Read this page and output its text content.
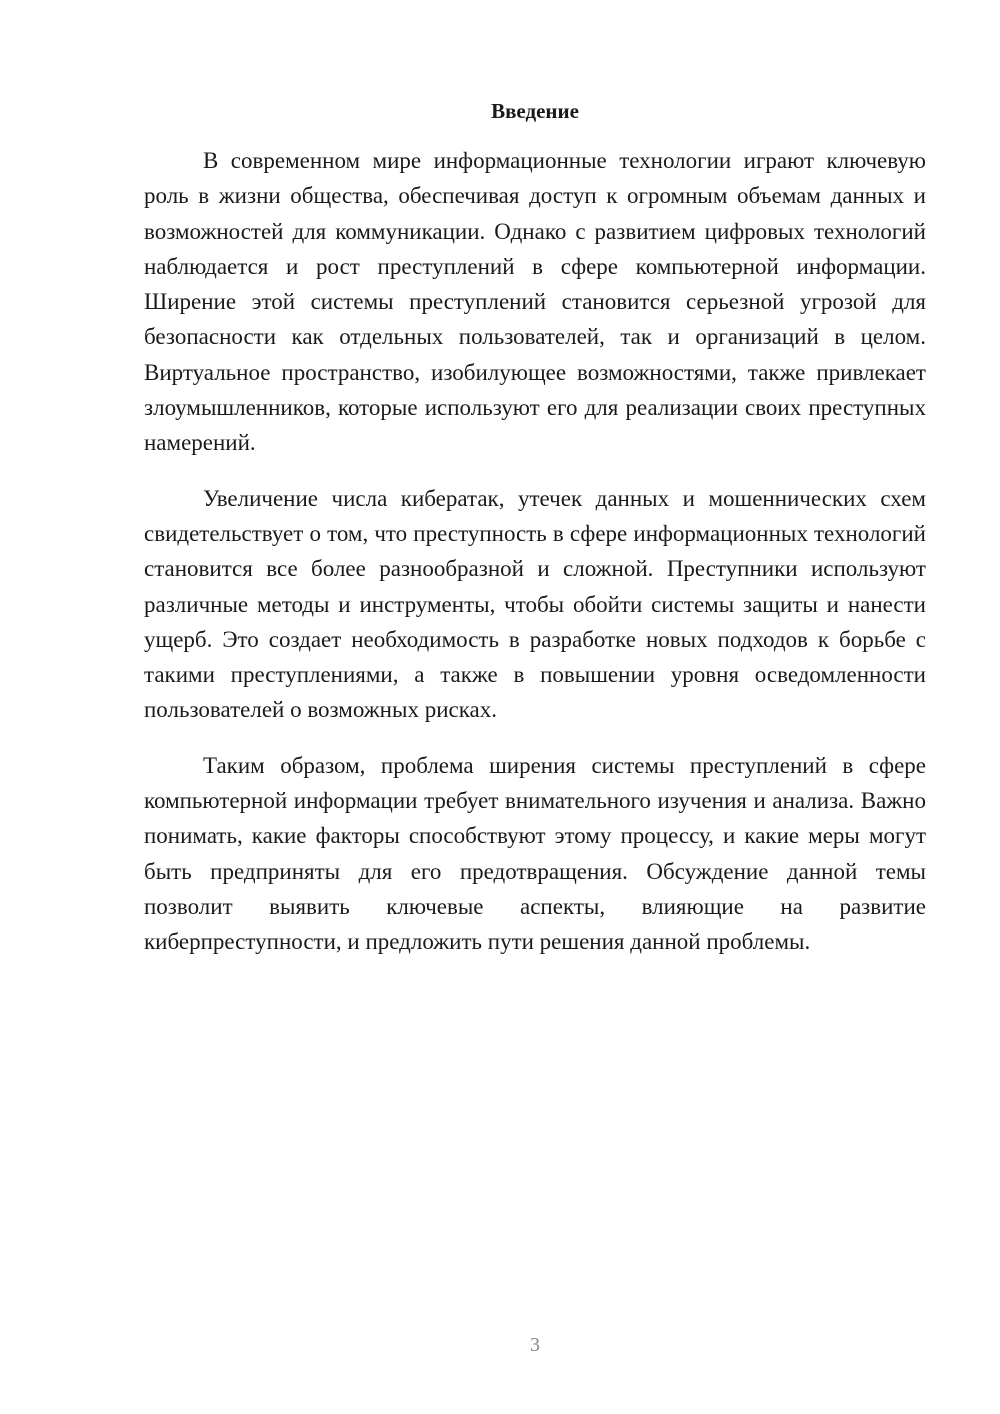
Введение

В современном мире информационные технологии играют ключевую роль в жизни общества, обеспечивая доступ к огромным объемам данных и возможностей для коммуникации. Однако с развитием цифровых технологий наблюдается и рост преступлений в сфере компьютерной информации. Ширение этой системы преступлений становится серьезной угрозой для безопасности как отдельных пользователей, так и организаций в целом. Виртуальное пространство, изобилующее возможностями, также привлекает злоумышленников, которые используют его для реализации своих преступных намерений.

Увеличение числа кибератак, утечек данных и мошеннических схем свидетельствует о том, что преступность в сфере информационных технологий становится все более разнообразной и сложной. Преступники используют различные методы и инструменты, чтобы обойти системы защиты и нанести ущерб. Это создает необходимость в разработке новых подходов к борьбе с такими преступлениями, а также в повышении уровня осведомленности пользователей о возможных рисках.

Таким образом, проблема ширения системы преступлений в сфере компьютерной информации требует внимательного изучения и анализа. Важно понимать, какие факторы способствуют этому процессу, и какие меры могут быть предприняты для его предотвращения. Обсуждение данной темы позволит выявить ключевые аспекты, влияющие на развитие киберпреступности, и предложить пути решения данной проблемы.

3
